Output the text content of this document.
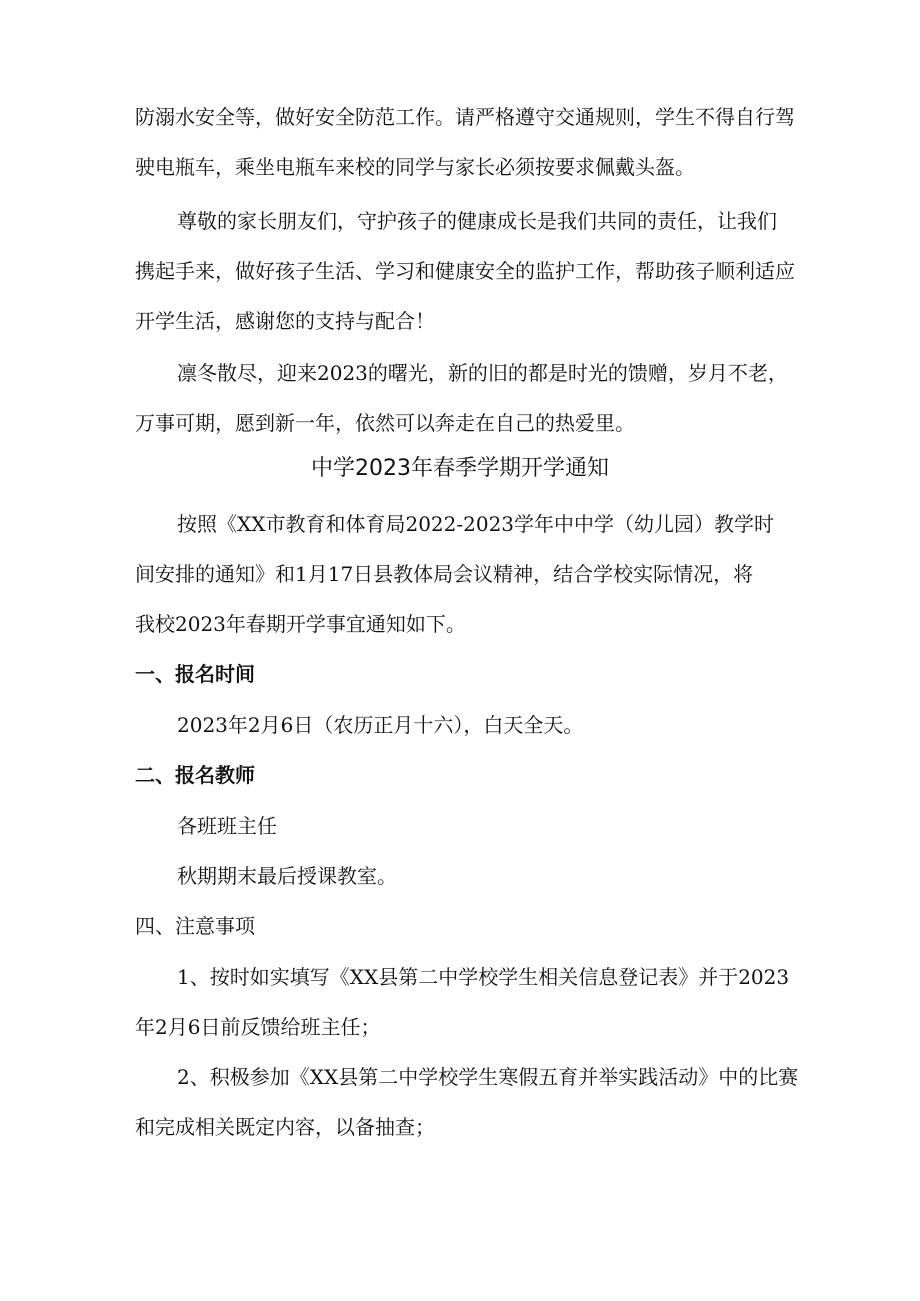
防溺水安全等，做好安全防范工作。请严格遵守交通规则，学生不得自行驾
驶电瓶车，乘坐电瓶车来校的同学与家长必须按要求佩戴头盔。
尊敬的家长朋友们，守护孩子的健康成长是我们共同的责任，让我们
携起手来，做好孩子生活、学习和健康安全的监护工作，帮助孩子顺利适应
开学生活，感谢您的支持与配合！
凛冬散尽，迎来2023的曙光，新的旧的都是时光的馈赠，岁月不老，
万事可期，愿到新一年，依然可以奔走在自己的热爱里。
中学2023年春季学期开学通知
按照《XX市教育和体育局2022-2023学年中中学（幼儿园）教学时
间安排的通知》和1月17日县教体局会议精神，结合学校实际情况，将
我校2023年春期开学事宜通知如下。
一、报名时间
2023年2月6日（农历正月十六），白天全天。
二、报名教师
各班班主任
秋期期末最后授课教室。
四、注意事项
1、按时如实填写《XX县第二中学校学生相关信息登记表》并于2023
年2月6日前反馈给班主任；
2、积极参加《XX县第二中学校学生寒假五育并举实践活动》中的比赛
和完成相关既定内容，以备抽查；
